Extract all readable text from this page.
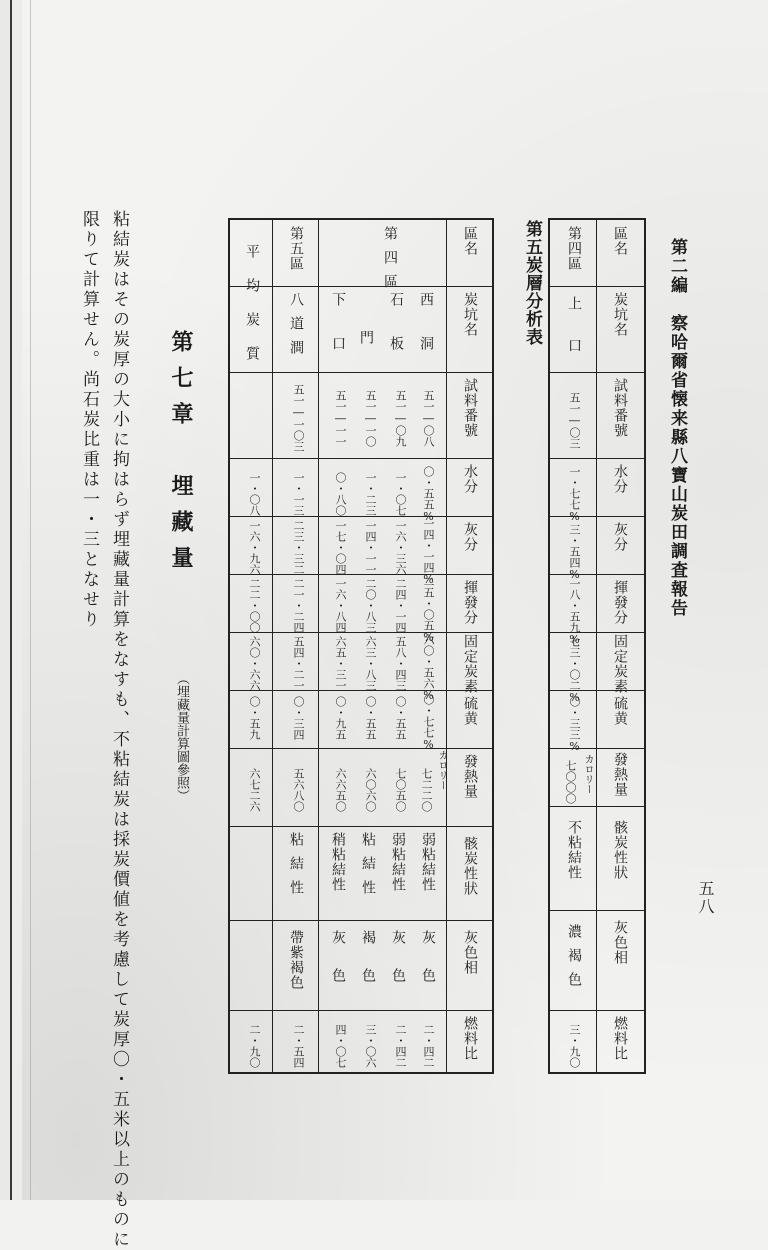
第二編　察哈爾省懐来縣八寶山炭田調査報告
五八
區名
炭坑名
試料番號
水分
灰分
揮發分
固定炭素
硫黄
發熱量
骸炭性狀
灰色相
燃料比
第四區
上口
五一―〇三
一・七七%
三・五四%
一八・五九%
七三・〇二%
〇・三三%
カロリー
七〇〇〇
不粘結性
濃褐色
三・九〇
第五炭層分析表
區名
炭坑名
試料番號
水分
灰分
揮發分
固定炭素
硫黄
發熱量
骸炭性狀
灰色相
燃料比
第四區
西洞
五一―〇八
〇・五五%
一四・一四%
二五・〇五%
六〇・五六%
〇・七七%
カロリー
七二二〇
弱粘結性
灰色
二・四二
石板
五一―〇九
一・〇七
一六・三六
二四・一四
五八・四三
〇・五五
七〇五〇
弱粘結性
灰色
二・四二
門
五一―一〇
一・二三
一四・一一
二〇・八三
六三・八三
〇・五五
六〇六〇
粘結性
褐色
三・〇六
下口
五一―一一
〇・八〇
一七・〇四
一六・八四
六五・三一
〇・九五
六六五〇
稍粘結性
灰色
四・〇七
第五區
八道澗
五一―一〇三
一・一三
二三・三二
二一・二四
五四・二一
〇・三四
五六八〇
粘結性
帶紫褐色
二・五四
平均炭質
一・〇八
一六・九六
二二・〇〇
六〇・六六
〇・五九
六七二六
二・九〇
第七章　埋藏量
（埋藏量計算圖參照）
粘結炭はその炭厚の大小に拘はらず埋藏量計算をなすも、不粘結炭は採炭價値を考慮して炭厚〇・五米以上のものに
限りて計算せん。尚石炭比重は一・三となせり
